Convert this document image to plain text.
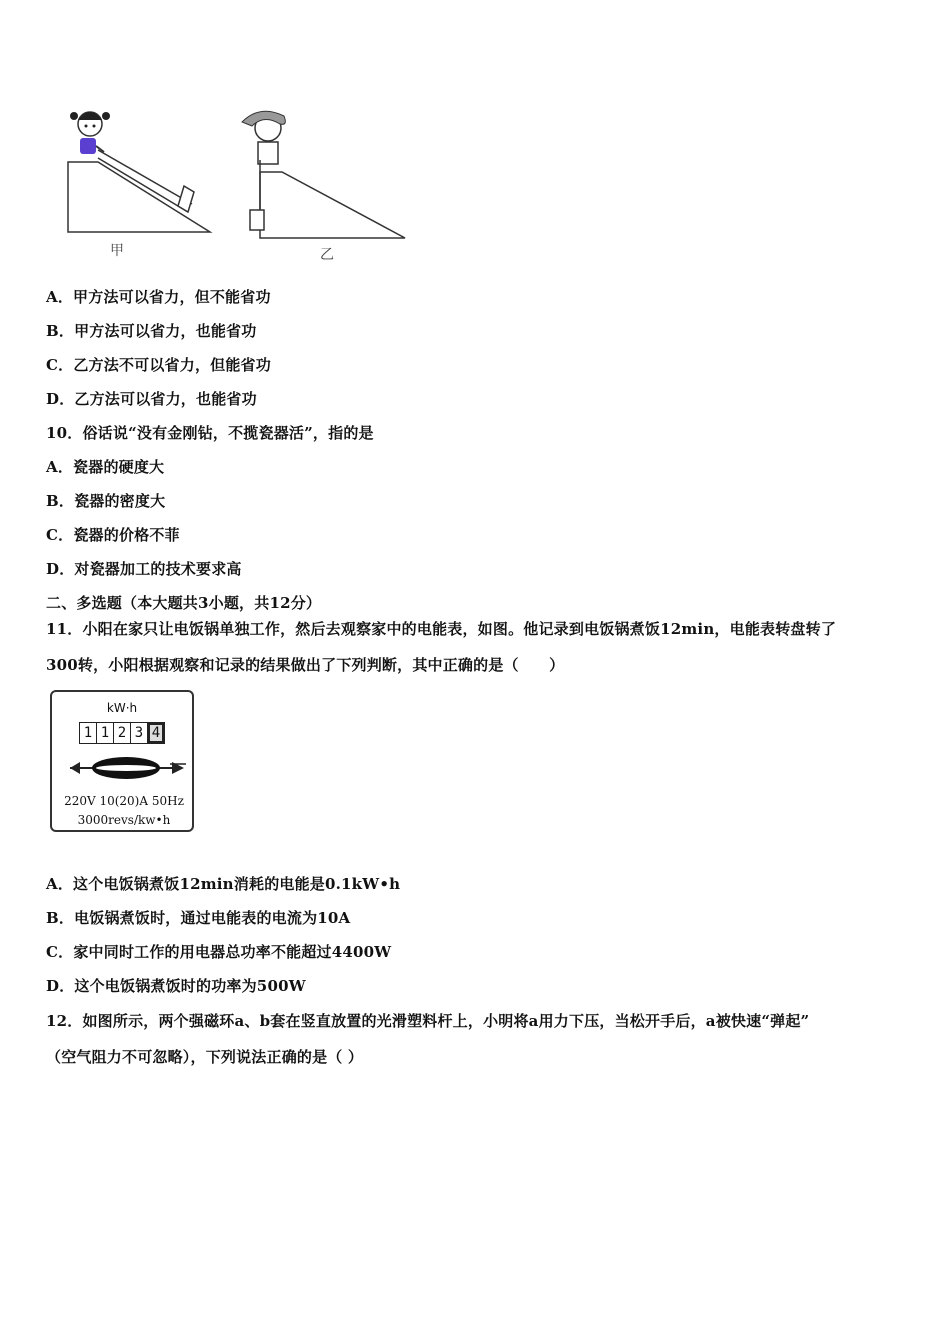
甲	乙
A．甲方法可以省力，但不能省功
B．甲方法可以省力，也能省功
C．乙方法不可以省力，但能省功
D．乙方法可以省力，也能省功
10．俗话说“没有金刚钻，不揽瓷器活”，指的是
A．瓷器的硬度大
B．瓷器的密度大
C．瓷器的价格不菲
D．对瓷器加工的技术要求高
二、多选题（本大题共3小题，共12分）
11．小阳在家只让电饭锅单独工作，然后去观察家中的电能表，如图。他记录到电饭锅煮饭12min，电能表转盘转了
300转，小阳根据观察和记录的结果做出了下列判断，其中正确的是（　　）
kW·h
1 1 2 3 4
220V 10(20)A 50Hz
3000revs/kw•h
A．这个电饭锅煮饭12min消耗的电能是0.1kW•h
B．电饭锅煮饭时，通过电能表的电流为10A
C．家中同时工作的用电器总功率不能超过4400W
D．这个电饭锅煮饭时的功率为500W
12．如图所示，两个强磁环a、b套在竖直放置的光滑塑料杆上，小明将a用力下压，当松开手后，a被快速“弹起”
（空气阻力不可忽略），下列说法正确的是（ ）
